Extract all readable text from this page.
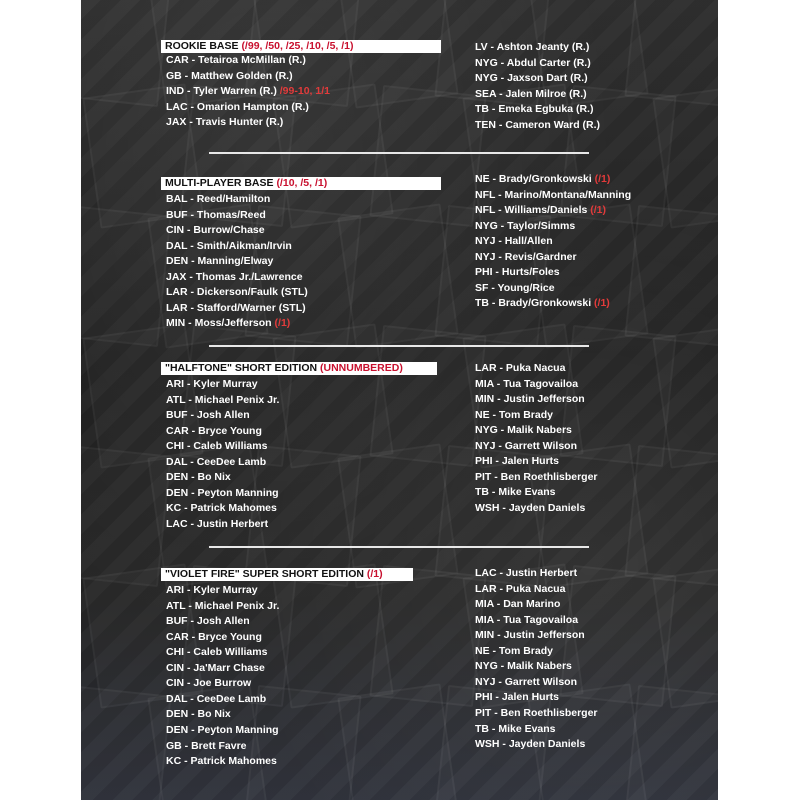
ROOKIE BASE (/99, /50, /25, /10, /5, /1)
CAR - Tetairoa McMillan (R.)
GB - Matthew Golden (R.)
IND - Tyler Warren (R.) /99-10, 1/1
LAC - Omarion Hampton (R.)
JAX - Travis Hunter (R.)
LV - Ashton Jeanty (R.)
NYG - Abdul Carter (R.)
NYG - Jaxson Dart (R.)
SEA - Jalen Milroe (R.)
TB - Emeka Egbuka (R.)
TEN - Cameron Ward (R.)
MULTI-PLAYER BASE (/10, /5, /1)
BAL - Reed/Hamilton
BUF - Thomas/Reed
CIN - Burrow/Chase
DAL - Smith/Aikman/Irvin
DEN - Manning/Elway
JAX - Thomas Jr./Lawrence
LAR - Dickerson/Faulk (STL)
LAR - Stafford/Warner (STL)
MIN - Moss/Jefferson (/1)
NE - Brady/Gronkowski (/1)
NFL - Marino/Montana/Manning
NFL - Williams/Daniels (/1)
NYG - Taylor/Simms
NYJ - Hall/Allen
NYJ - Revis/Gardner
PHI - Hurts/Foles
SF - Young/Rice
TB - Brady/Gronkowski (/1)
"HALFTONE" SHORT EDITION (UNNUMBERED)
ARI - Kyler Murray
ATL - Michael Penix Jr.
BUF - Josh Allen
CAR - Bryce Young
CHI - Caleb Williams
DAL - CeeDee Lamb
DEN - Bo Nix
DEN - Peyton Manning
KC - Patrick Mahomes
LAC - Justin Herbert
LAR - Puka Nacua
MIA - Tua Tagovailoa
MIN - Justin Jefferson
NE - Tom Brady
NYG - Malik Nabers
NYJ - Garrett Wilson
PHI - Jalen Hurts
PIT - Ben Roethlisberger
TB - Mike Evans
WSH - Jayden Daniels
"VIOLET FIRE" SUPER SHORT EDITION (/1)
ARI - Kyler Murray
ATL - Michael Penix Jr.
BUF - Josh Allen
CAR - Bryce Young
CHI - Caleb Williams
CIN - Ja'Marr Chase
CIN - Joe Burrow
DAL - CeeDee Lamb
DEN - Bo Nix
DEN - Peyton Manning
GB - Brett Favre
KC - Patrick Mahomes
LAC - Justin Herbert
LAR - Puka Nacua
MIA - Dan Marino
MIA - Tua Tagovailoa
MIN - Justin Jefferson
NE - Tom Brady
NYG - Malik Nabers
NYJ - Garrett Wilson
PHI - Jalen Hurts
PIT - Ben Roethlisberger
TB - Mike Evans
WSH - Jayden Daniels
